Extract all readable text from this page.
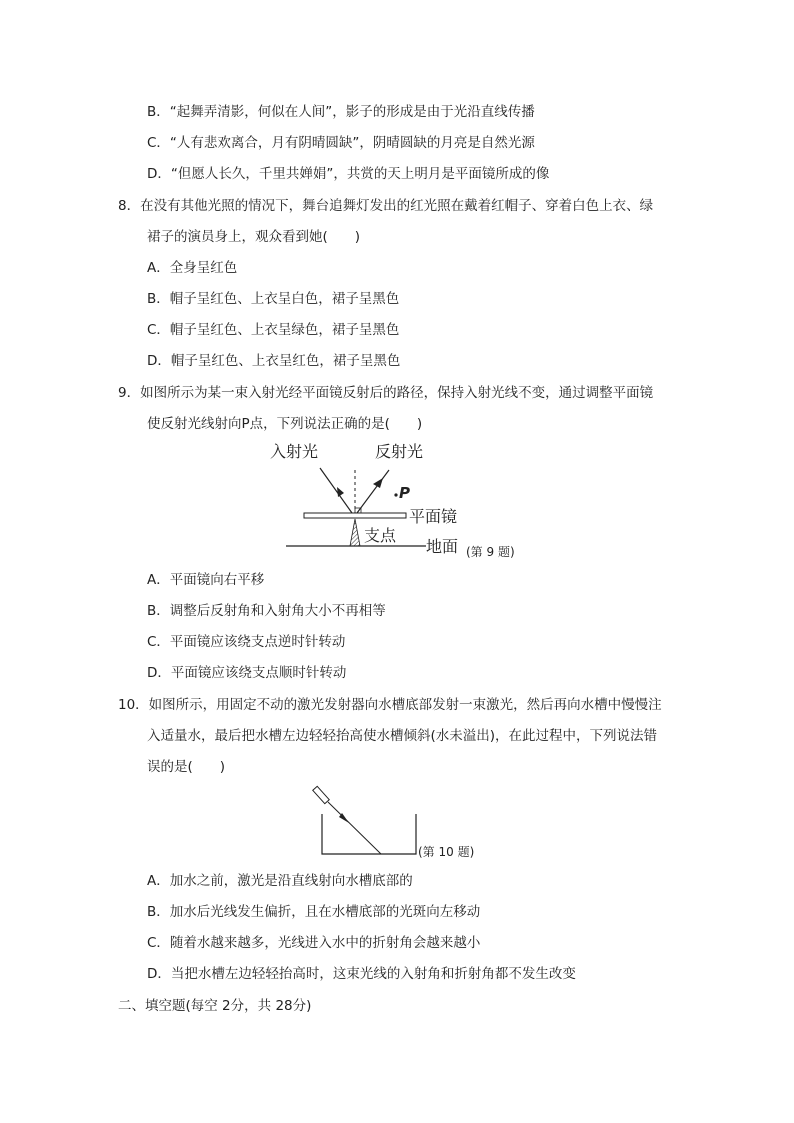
B．“起舞弄清影，何似在人间”，影子的形成是由于光沿直线传播
C．“人有悲欢离合，月有阴晴圆缺”，阴晴圆缺的月亮是自然光源
D．“但愿人长久，千里共婵娟”，共赏的天上明月是平面镜所成的像
8．在没有其他光照的情况下，舞台追舞灯发出的红光照在戴着红帽子、穿着白色上衣、绿
裙子的演员身上，观众看到她(　　)
A．全身呈红色
B．帽子呈红色、上衣呈白色，裙子呈黑色
C．帽子呈红色、上衣呈绿色，裙子呈黑色
D．帽子呈红色、上衣呈红色，裙子呈黑色
9．如图所示为某一束入射光经平面镜反射后的路径，保持入射光线不变，通过调整平面镜
使反射光线射向P点，下列说法正确的是(　　)
P
入射光	反射光
平面镜
支点
地面 (第 9 题)
(第 10 题)
A．平面镜向右平移
B．调整后反射角和入射角大小不再相等
C．平面镜应该绕支点逆时针转动
D．平面镜应该绕支点顺时针转动
10．如图所示，用固定不动的激光发射器向水槽底部发射一束激光，然后再向水槽中慢慢注
入适量水，最后把水槽左边轻轻抬高使水槽倾斜(水未溢出)，在此过程中，下列说法错
误的是(　　)
A．加水之前，激光是沿直线射向水槽底部的
B．加水后光线发生偏折，且在水槽底部的光斑向左移动
C．随着水越来越多，光线进入水中的折射角会越来越小
D．当把水槽左边轻轻抬高时，这束光线的入射角和折射角都不发生改变
二、填空题(每空 2分，共 28分)
